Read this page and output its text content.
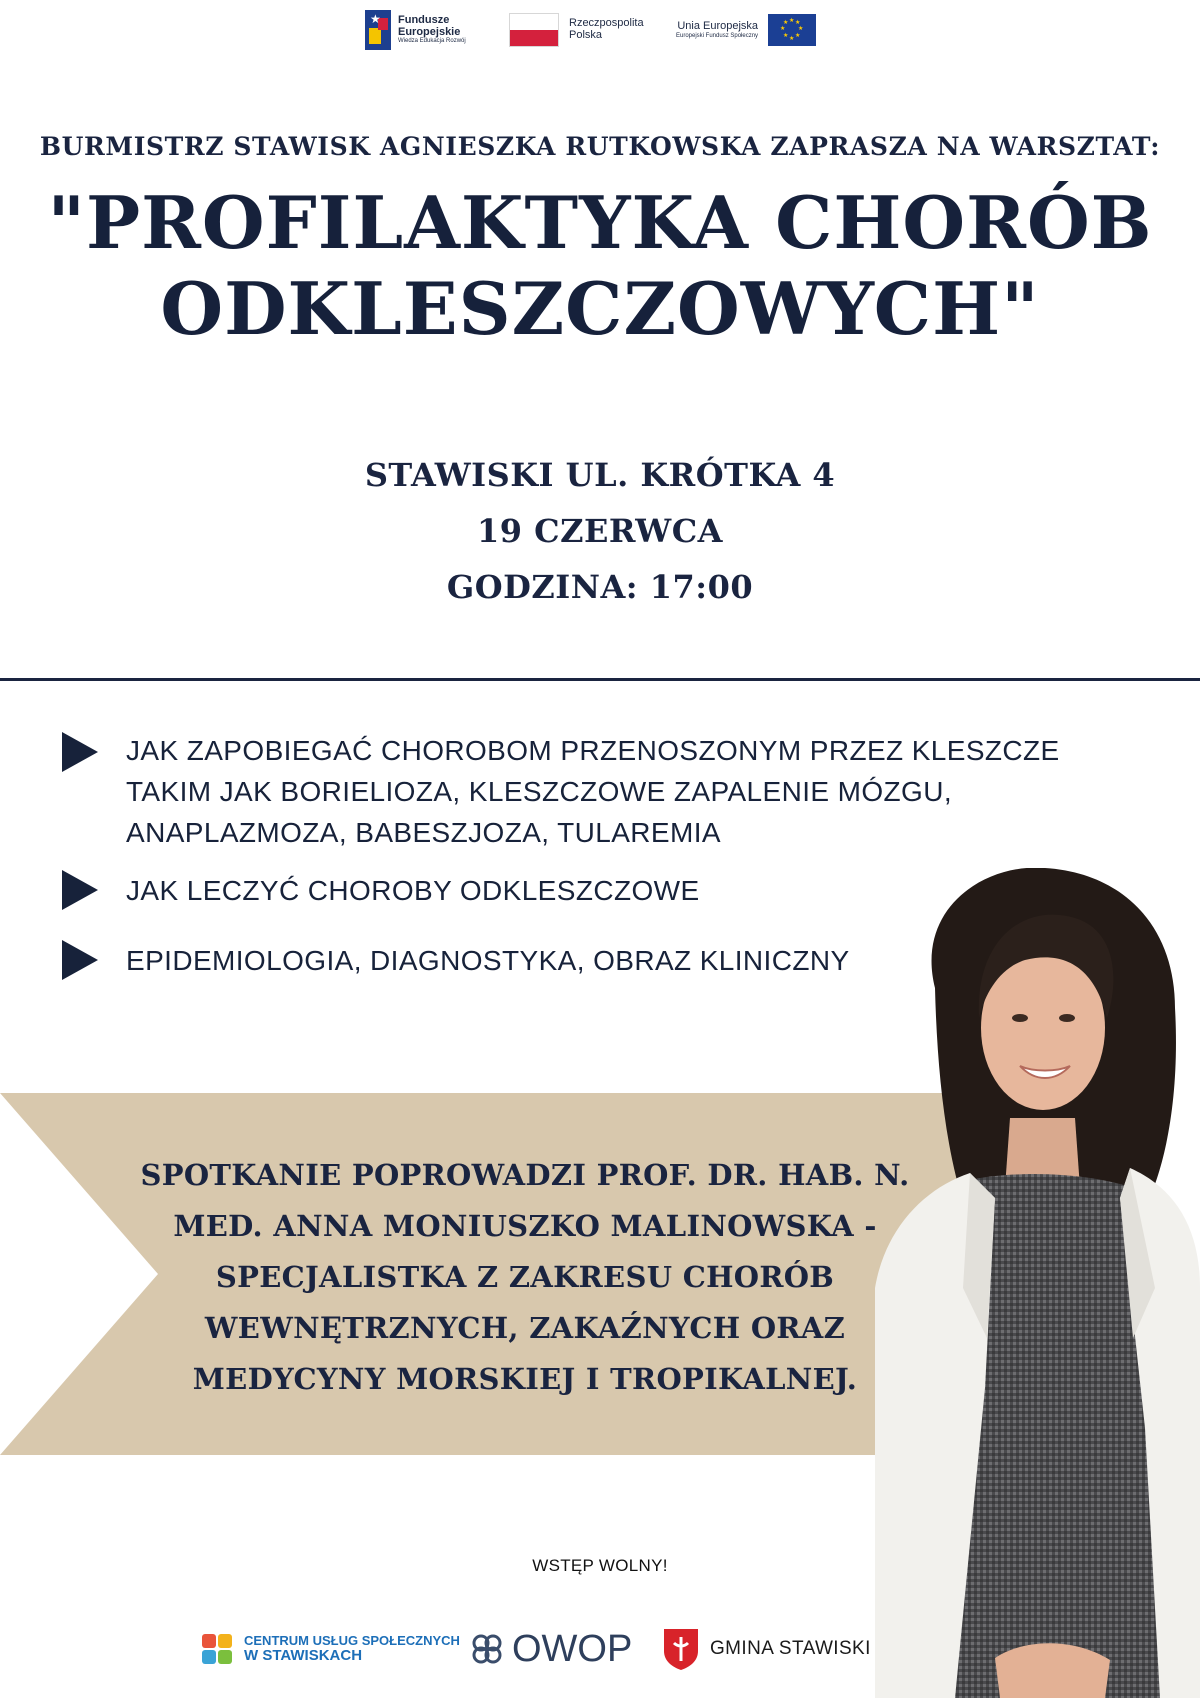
★ Fundusze
Europejskie
Wiedza Edukacja Rozwój
Rzeczpospolita
Polska
Unia Europejska
Europejski Fundusz Społeczny
★ ★
★
★
★
★
★
★
BURMISTRZ STAWISK AGNIESZKA RUTKOWSKA ZAPRASZA NA WARSZTAT:
"PROFILAKTYKA CHORÓB
ODKLESZCZOWYCH"
STAWISKI UL. KRÓTKA 4
19 CZERWCA
GODZINA: 17:00
JAK ZAPOBIEGAĆ CHOROBOM PRZENOSZONYM PRZEZ KLESZCZE
TAKIM JAK BORIELIOZA, KLESZCZOWE ZAPALENIE MÓZGU,
ANAPLAZMOZA, BABESZJOZA, TULAREMIA
JAK LECZYĆ CHOROBY ODKLESZCZOWE
EPIDEMIOLOGIA, DIAGNOSTYKA, OBRAZ KLINICZNY
SPOTKANIE POPROWADZI PROF. DR. HAB. N.
MED. ANNA MONIUSZKO MALINOWSKA -
SPECJALISTKA Z ZAKRESU CHORÓB
WEWNĘTRZNYCH, ZAKAŹNYCH ORAZ
MEDYCYNY MORSKIEJ I TROPIKALNEJ.
WSTĘP WOLNY!
CENTRUM USŁUG SPOŁECZNYCH
W STAWISKACH	OWOP	GMINA STAWISKI
